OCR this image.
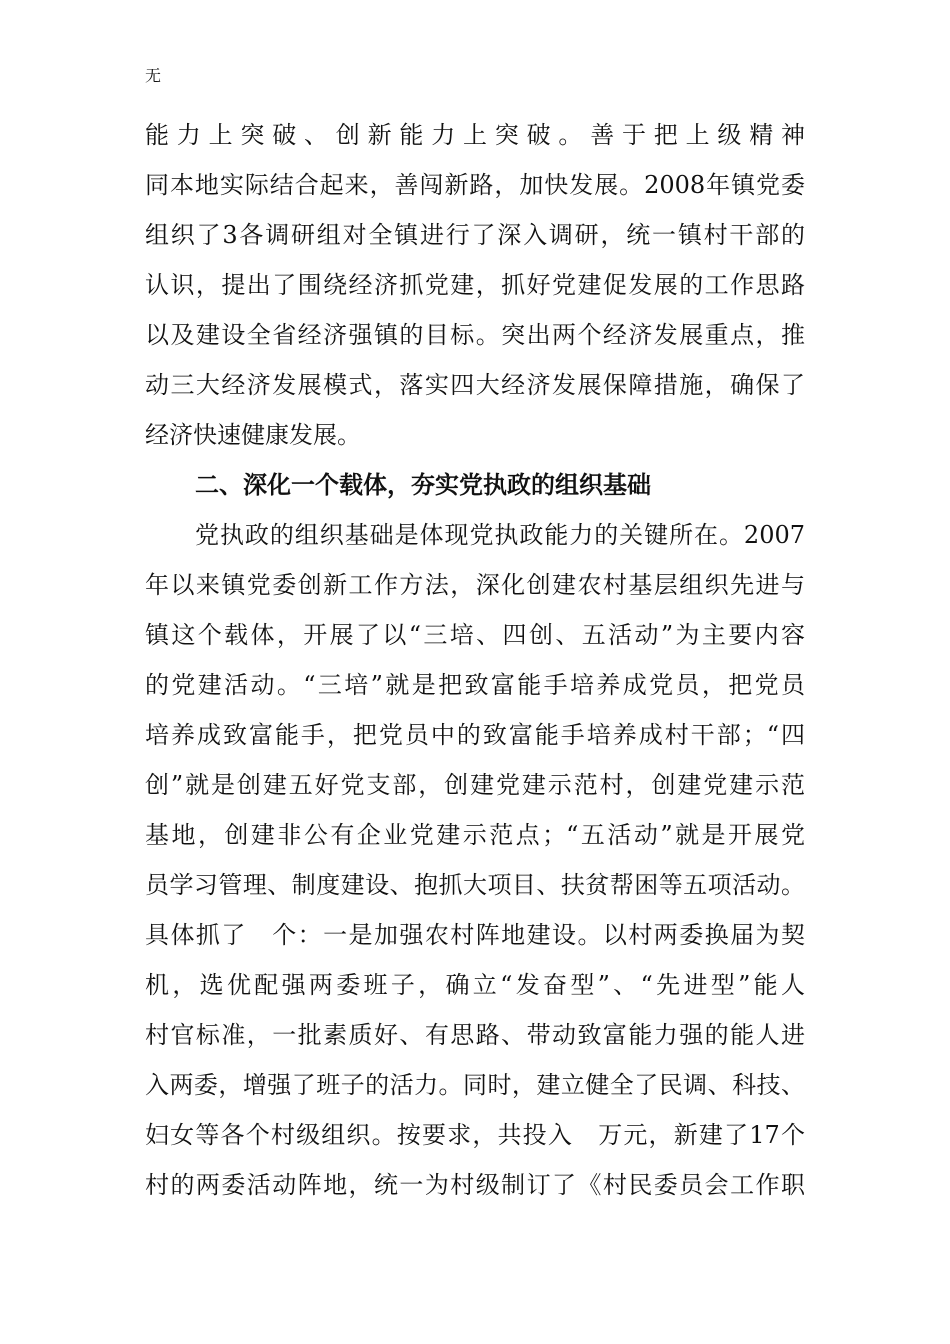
无
能力上突破、创新能力上突破。善于把上级精神
同本地实际结合起来，善闯新路，加快发展。2008年镇党委
组织了3各调研组对全镇进行了深入调研，统一镇村干部的
认识，提出了围绕经济抓党建，抓好党建促发展的工作思路
以及建设全省经济强镇的目标。突出两个经济发展重点，推
动三大经济发展模式，落实四大经济发展保障措施，确保了
经济快速健康发展。
二、深化一个载体，夯实党执政的组织基础
党执政的组织基础是体现党执政能力的关键所在。2007
年以来镇党委创新工作方法，深化创建农村基层组织先进与
镇这个载体，开展了以“三培、四创、五活动”为主要内容
的党建活动。“三培”就是把致富能手培养成党员，把党员
培养成致富能手，把党员中的致富能手培养成村干部；“四
创”就是创建五好党支部，创建党建示范村，创建党建示范
基地，创建非公有企业党建示范点；“五活动”就是开展党
员学习管理、制度建设、抱抓大项目、扶贫帮困等五项活动。
具体抓了　个：一是加强农村阵地建设。以村两委换届为契
机，选优配强两委班子，确立“发奋型”、“先进型”能人
村官标准，一批素质好、有思路、带动致富能力强的能人进
入两委，增强了班子的活力。同时，建立健全了民调、科技、
妇女等各个村级组织。按要求，共投入　万元，新建了17个
村的两委活动阵地，统一为村级制订了《村民委员会工作职
